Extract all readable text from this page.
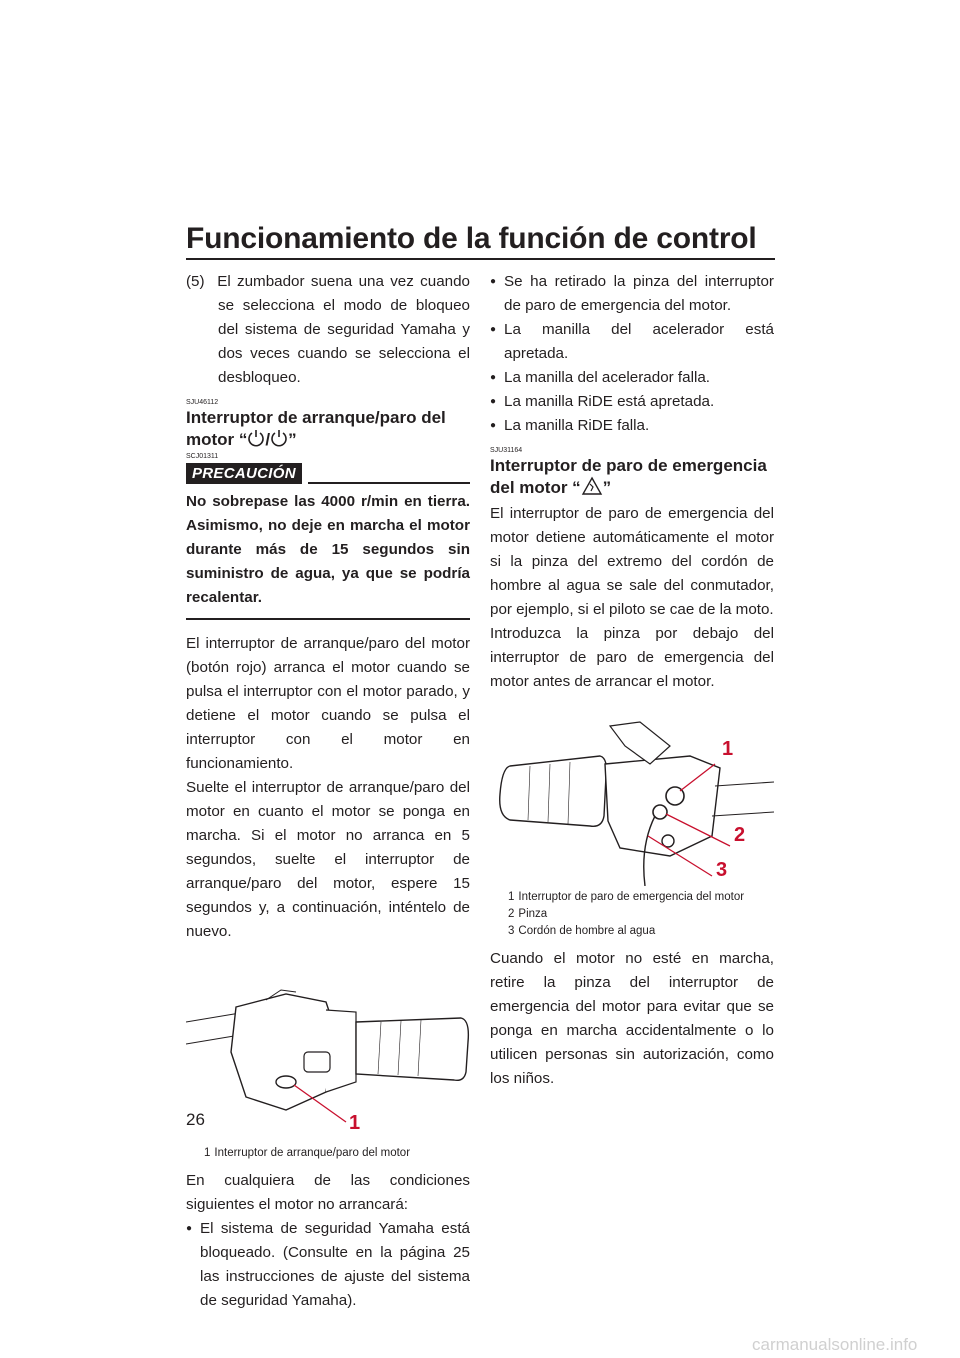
Funcionamiento de la función de control
(5) El zumbador suena una vez cuando se selecciona el modo de bloqueo del sistema de seguridad Yamaha y dos veces cuando se selecciona el desbloqueo.
SJU46112
Interruptor de arranque/paro del motor “ / ”
SCJ01311
PRECAUCIÓN
No sobrepase las 4000 r/min en tierra. Asimismo, no deje en marcha el motor durante más de 15 segundos sin suministro de agua, ya que se podría recalentar.

El interruptor de arranque/paro del motor (botón rojo) arranca el motor cuando se pulsa el interruptor con el motor parado, y detiene el motor cuando se pulsa el interruptor con el motor en funcionamiento.

Suelte el interruptor de arranque/paro del motor en cuanto el motor se ponga en marcha. Si el motor no arranca en 5 segundos, suelte el interruptor de arranque/paro del motor, espere 15 segundos y, a continuación, inténtelo de nuevo.

1
1 Interruptor de arranque/paro del motor

En cualquiera de las condiciones siguientes el motor no arrancará:

● El sistema de seguridad Yamaha está bloqueado. (Consulte en la página 25 las instrucciones de ajuste del sistema de seguridad Yamaha).
● Se ha retirado la pinza del interruptor de paro de emergencia del motor.
● La manilla del acelerador está apretada.
● La manilla del acelerador falla.
● La manilla RiDE está apretada.
● La manilla RiDE falla.
SJU31164
Interruptor de paro de emergencia del motor “ ”

El interruptor de paro de emergencia del motor detiene automáticamente el motor si la pinza del extremo del cordón de hombre al agua se sale del conmutador, por ejemplo, si el piloto se cae de la moto.

Introduzca la pinza por debajo del interruptor de paro de emergencia del motor antes de arrancar el motor.

1
2
3
1 Interruptor de paro de emergencia del motor
2 Pinza
3 Cordón de hombre al agua

Cuando el motor no esté en marcha, retire la pinza del interruptor de emergencia del motor para evitar que se ponga en marcha accidentalmente o lo utilicen personas sin autorización, como los niños.

26
carmanualsonline.info
